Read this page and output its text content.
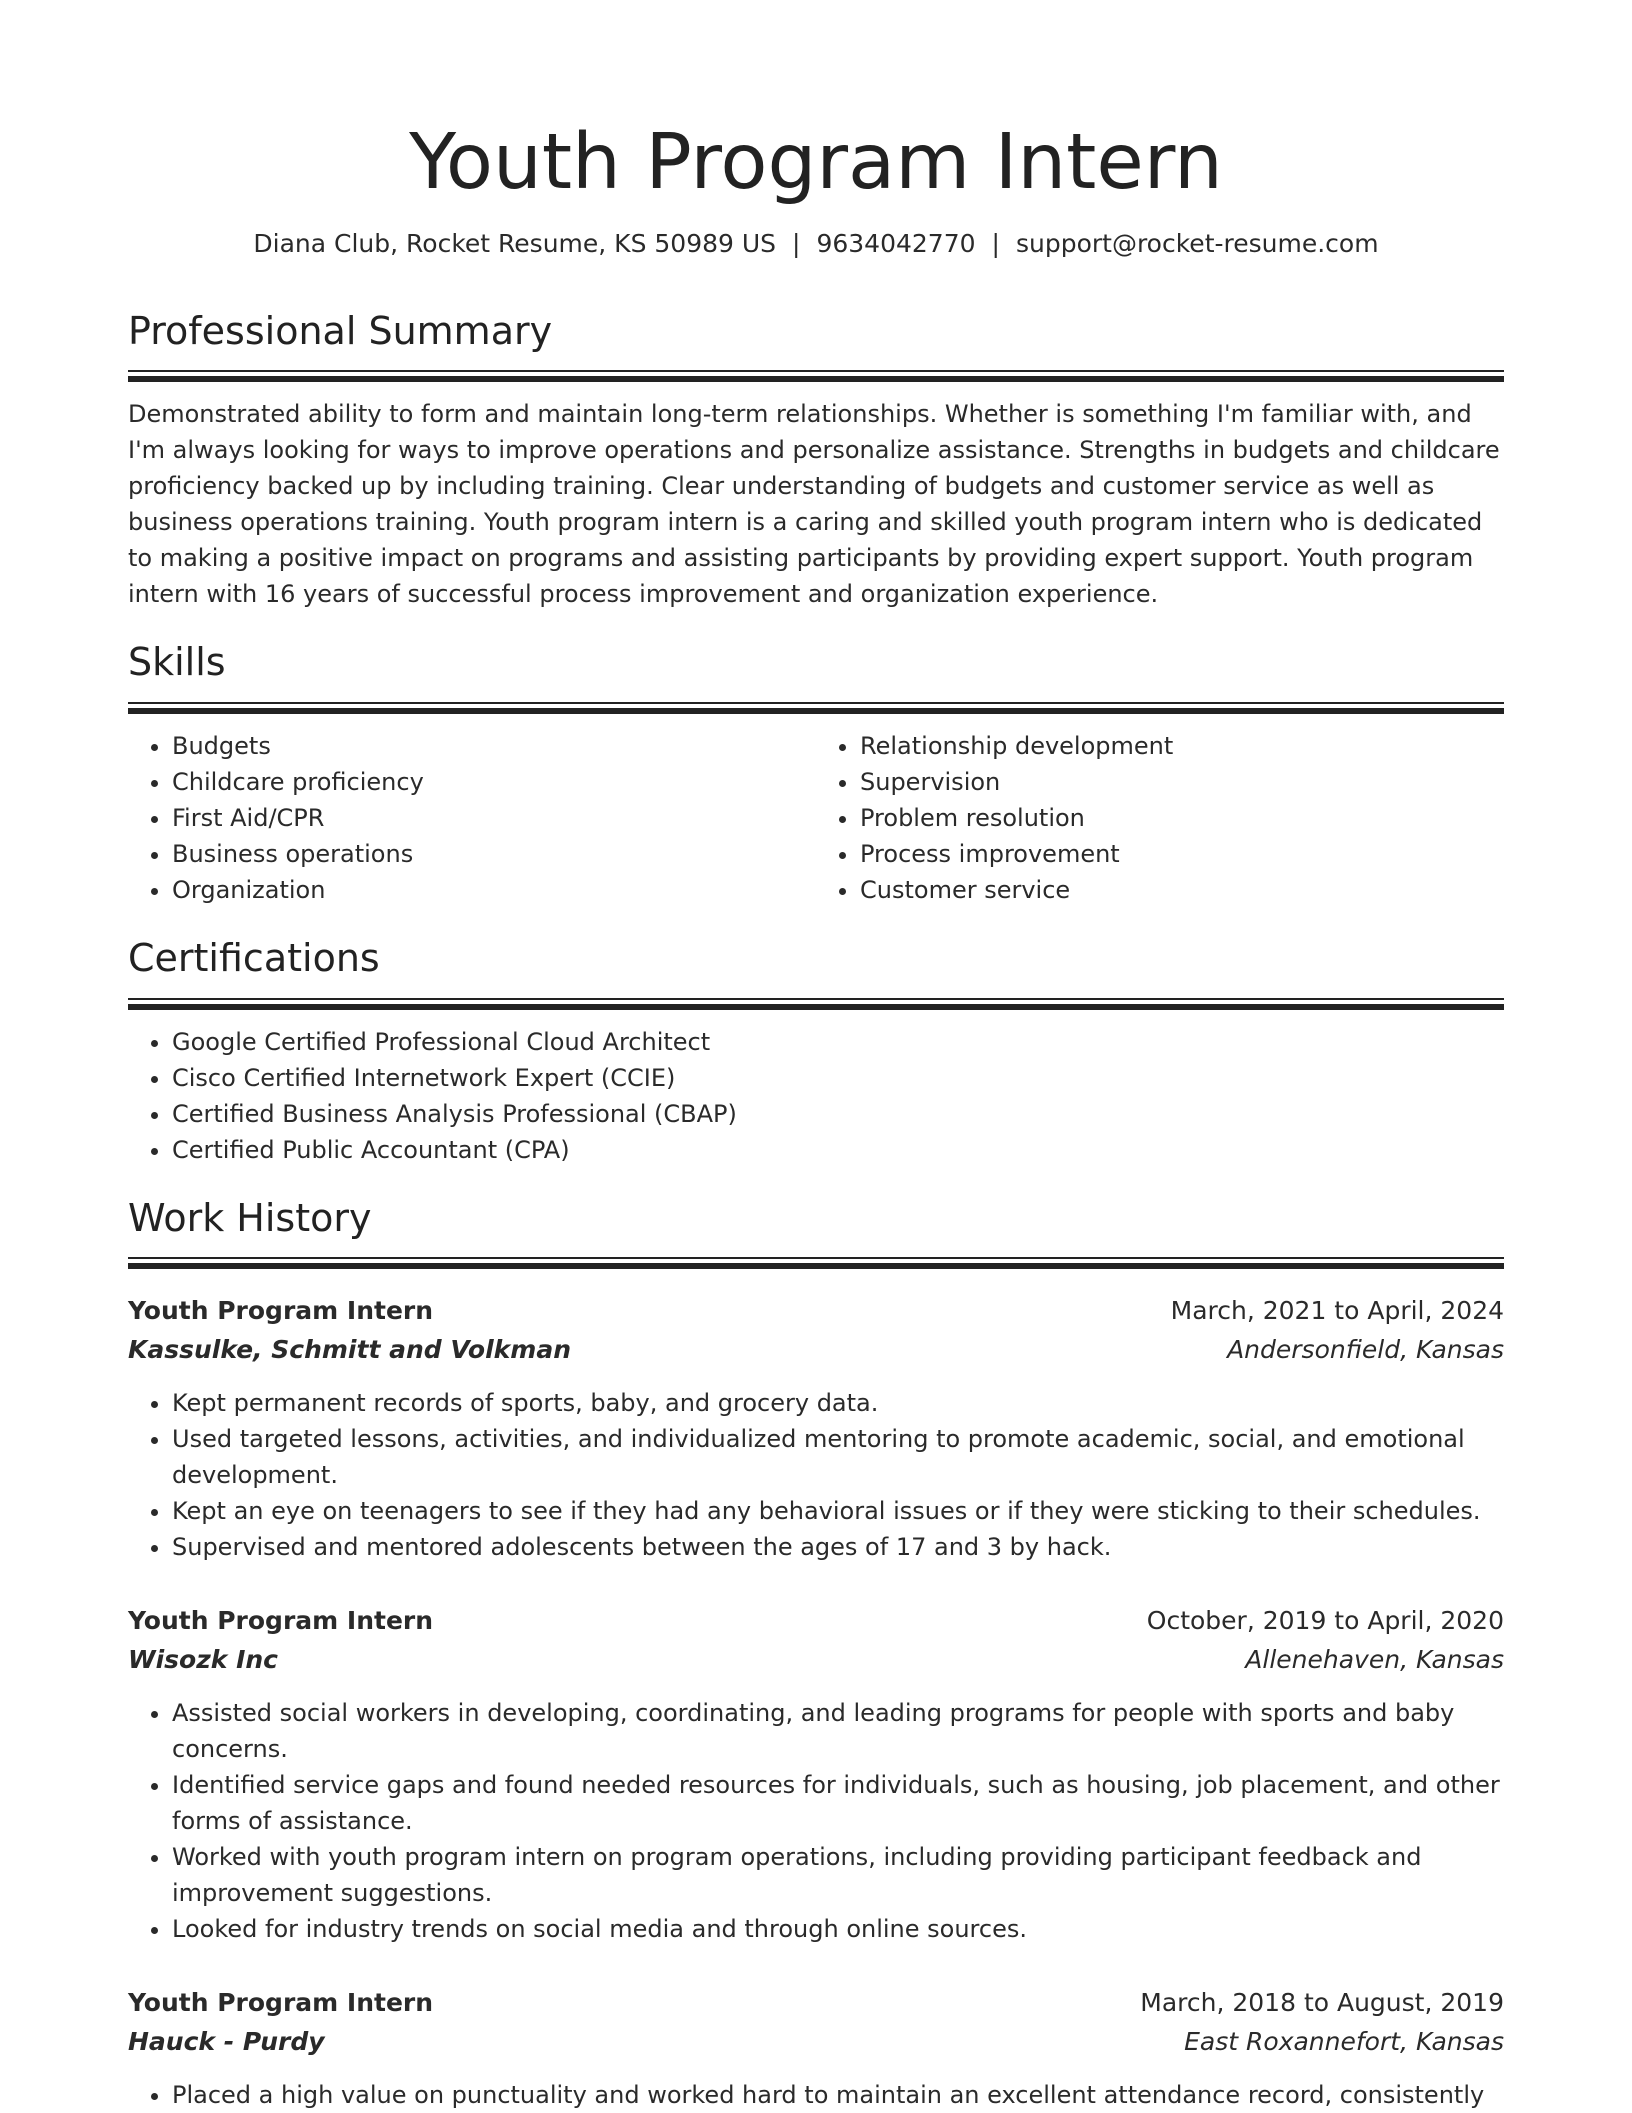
Youth Program Intern
Diana Club, Rocket Resume, KS 50989 US | 9634042770 | support@rocket-resume.com
Professional Summary

Demonstrated ability to form and maintain long-term relationships. Whether is something I'm familiar with, and I'm always looking for ways to improve operations and personalize assistance. Strengths in budgets and childcare proficiency backed up by including training. Clear understanding of budgets and customer service as well as business operations training. Youth program intern is a caring and skilled youth program intern who is dedicated to making a positive impact on programs and assisting participants by providing expert support. Youth program intern with 16 years of successful process improvement and organization experience.

Skills
• Budgets
• Childcare proficiency
• First Aid/CPR
• Business operations
• Organization
• Relationship development
• Supervision
• Problem resolution
• Process improvement
• Customer service
Certifications
• Google Certified Professional Cloud Architect
• Cisco Certified Internetwork Expert (CCIE)
• Certified Business Analysis Professional (CBAP)
• Certified Public Accountant (CPA)
Work History
Youth Program Intern	March, 2021 to April, 2024
Kassulke, Schmitt and Volkman	Andersonfield, Kansas
• Kept permanent records of sports, baby, and grocery data.
• Used targeted lessons, activities, and individualized mentoring to promote academic, social, and emotional development.
• Kept an eye on teenagers to see if they had any behavioral issues or if they were sticking to their schedules.
• Supervised and mentored adolescents between the ages of 17 and 3 by hack.
Youth Program Intern	October, 2019 to April, 2020
Wisozk Inc	Allenehaven, Kansas
• Assisted social workers in developing, coordinating, and leading programs for people with sports and baby concerns.
• Identified service gaps and found needed resources for individuals, such as housing, job placement, and other forms of assistance.
• Worked with youth program intern on program operations, including providing participant feedback and improvement suggestions.
• Looked for industry trends on social media and through online sources.
Youth Program Intern	March, 2018 to August, 2019
Hauck - Purdy	East Roxannefort, Kansas
• Placed a high value on punctuality and worked hard to maintain an excellent attendance record, consistently
